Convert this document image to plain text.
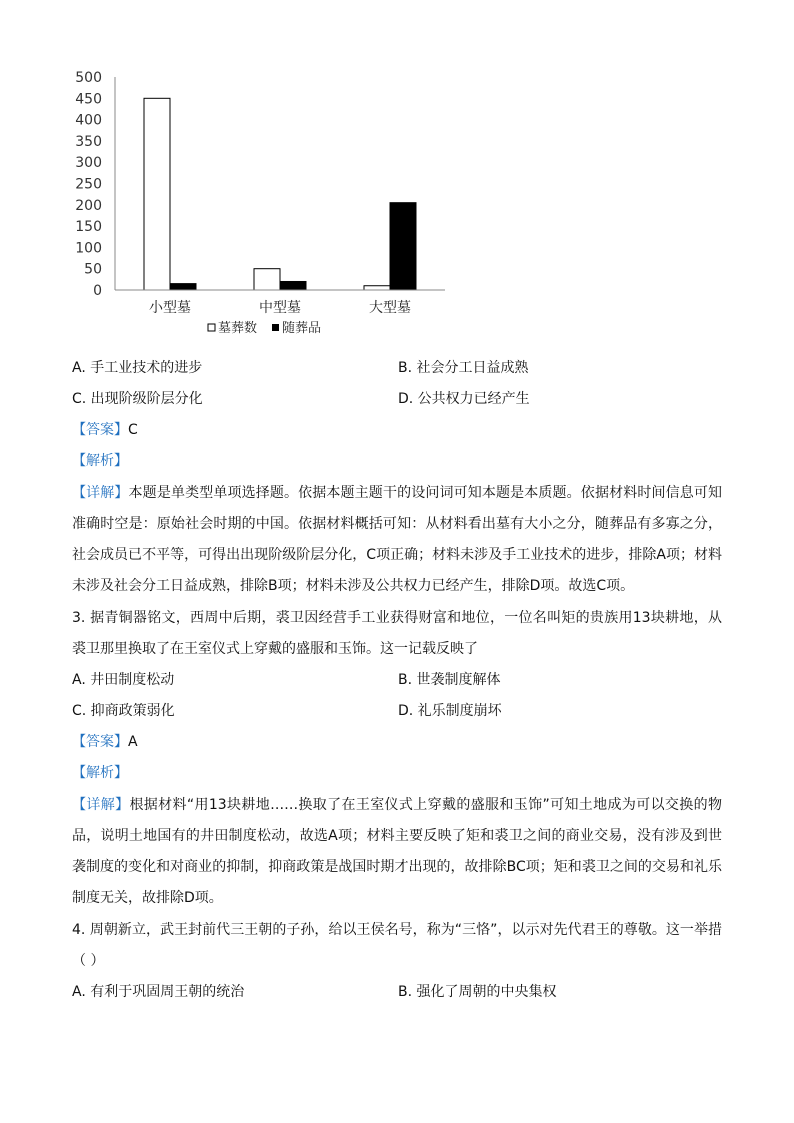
0
50
100
150
200
250
300
350
400
450
500
小型墓	中型墓	大型墓
墓葬数 随葬品
A. 手工业技术的进步	B. 社会分工日益成熟
C. 出现阶级阶层分化	D. 公共权力已经产生
【答案】C
【解析】
【详解】本题是单类型单项选择题。依据本题主题干的设问词可知本题是本质题。依据材料时间信息可知准确时空是：原始社会时期的中国。依据材料概括可知：从材料看出墓有大小之分，随葬品有多寡之分，社会成员已不平等，可得出出现阶级阶层分化，C项正确；材料未涉及手工业技术的进步，排除A项；材料未涉及社会分工日益成熟，排除B项；材料未涉及公共权力已经产生，排除D项。故选C项。
3. 据青铜器铭文，西周中后期，裘卫因经营手工业获得财富和地位，一位名叫矩的贵族用13块耕地，从裘卫那里换取了在王室仪式上穿戴的盛服和玉饰。这一记载反映了
A. 井田制度松动	B. 世袭制度解体
C. 抑商政策弱化	D. 礼乐制度崩坏
【答案】A
【解析】
【详解】根据材料“用13块耕地……换取了在王室仪式上穿戴的盛服和玉饰”可知土地成为可以交换的物品，说明土地国有的井田制度松动，故选A项；材料主要反映了矩和裘卫之间的商业交易，没有涉及到世袭制度的变化和对商业的抑制，抑商政策是战国时期才出现的，故排除BC项；矩和裘卫之间的交易和礼乐制度无关，故排除D项。
4. 周朝新立，武王封前代三王朝的子孙，给以王侯名号，称为“三恪”，以示对先代君王的尊敬。这一举措（ ）
A. 有利于巩固周王朝的统治	B. 强化了周朝的中央集权
